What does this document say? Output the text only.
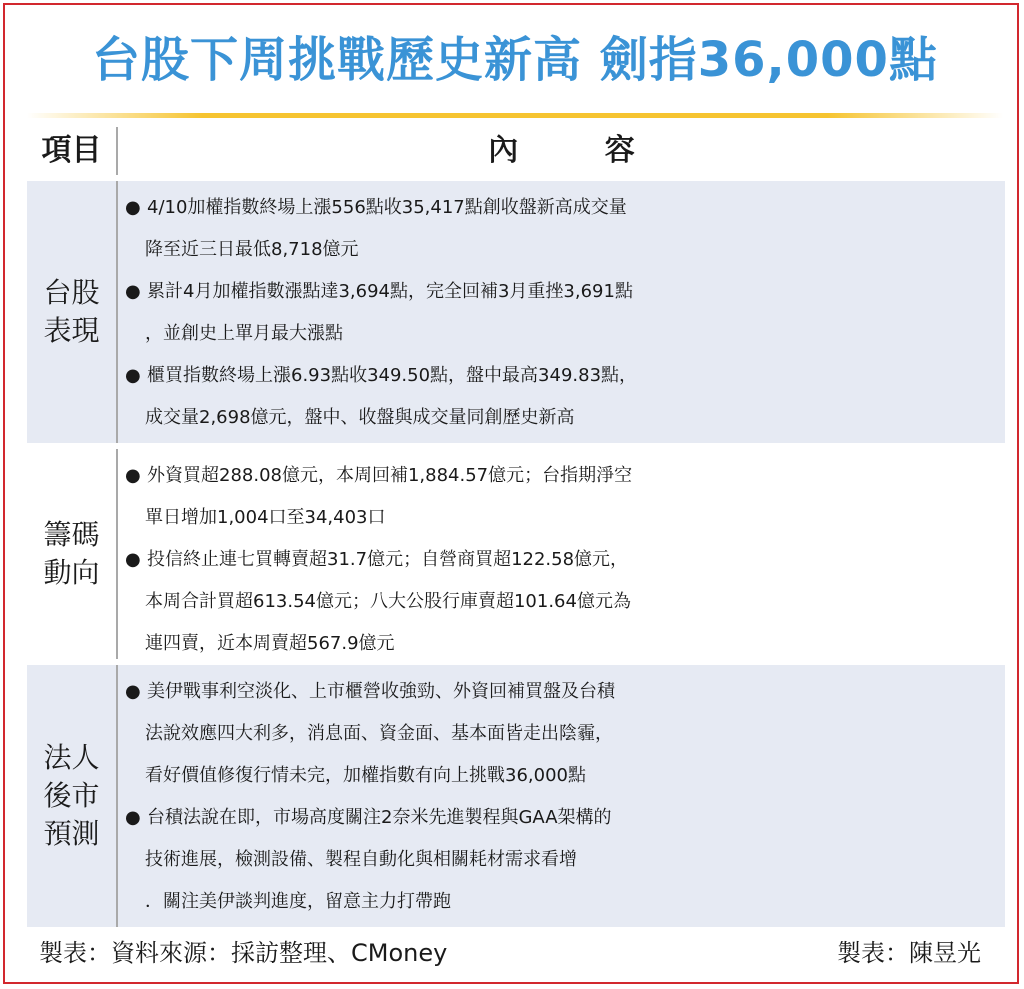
台股下周挑戰歷史新高 劍指36,000點
項目	內 容
台股表現
● 4/10加權指數終場上漲556點收35,417點創收盤新高成交量
降至近三日最低8,718億元
● 累計4月加權指數漲點達3,694點，完全回補3月重挫3,691點
，並創史上單月最大漲點
● 櫃買指數終場上漲6.93點收349.50點，盤中最高349.83點，
成交量2,698億元，盤中、收盤與成交量同創歷史新高
籌碼動向
● 外資買超288.08億元，本周回補1,884.57億元；台指期淨空
單日增加1,004口至34,403口
● 投信終止連七買轉賣超31.7億元；自營商買超122.58億元，
本周合計買超613.54億元；八大公股行庫賣超101.64億元為
連四賣，近本周賣超567.9億元
法人後市預測
● 美伊戰事利空淡化、上市櫃營收強勁、外資回補買盤及台積
法說效應四大利多，消息面、資金面、基本面皆走出陰霾，
看好價值修復行情未完，加權指數有向上挑戰36,000點
● 台積法說在即，市場高度關注2奈米先進製程與GAA架構的
技術進展，檢測設備、製程自動化與相關耗材需求看增
．關注美伊談判進度，留意主力打帶跑
製表：資料來源：採訪整理、CMoney	製表：陳昱光
